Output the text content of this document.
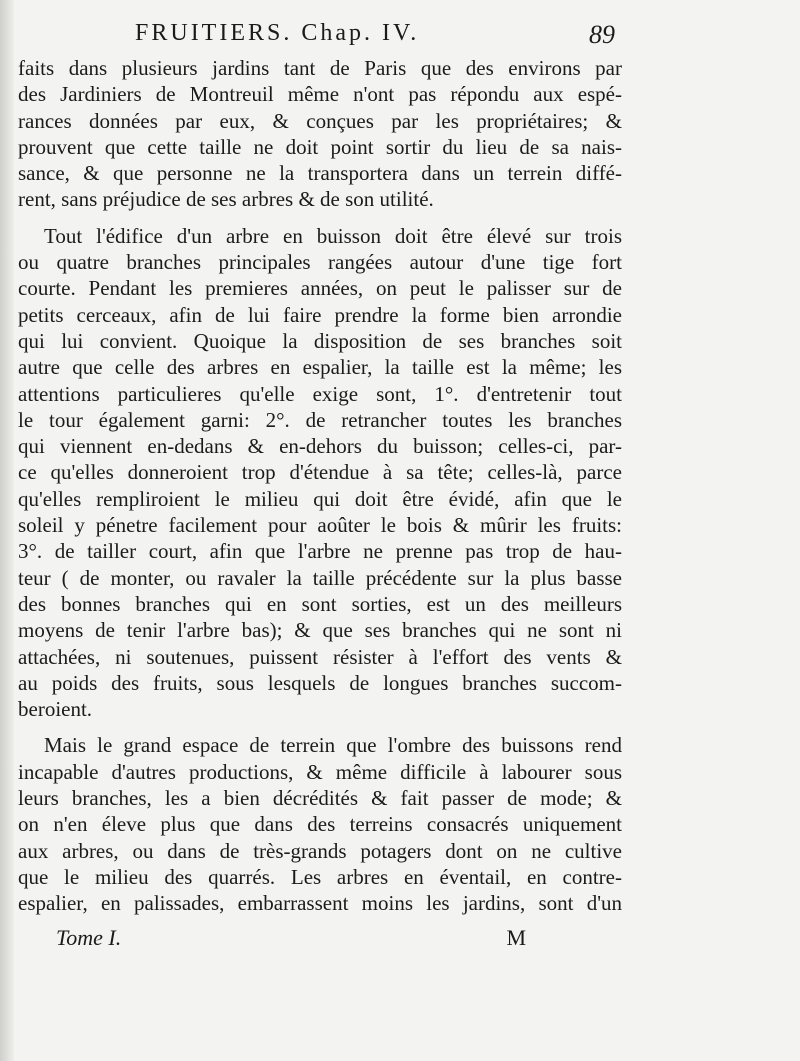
FRUITIERS. Chap. IV.	89
faits dans plusieurs jardins tant de Paris que des environs par
des Jardiniers de Montreuil même n'ont pas répondu aux espé-
rances données par eux, & conçues par les propriétaires; &
prouvent que cette taille ne doit point sortir du lieu de sa nais-
sance, & que personne ne la transportera dans un terrein diffé-
rent, sans préjudice de ses arbres & de son utilité.
Tout l'édifice d'un arbre en buisson doit être élevé sur trois
ou quatre branches principales rangées autour d'une tige fort
courte. Pendant les premieres années, on peut le palisser sur de
petits cerceaux, afin de lui faire prendre la forme bien arrondie
qui lui convient. Quoique la disposition de ses branches soit
autre que celle des arbres en espalier, la taille est la même; les
attentions particulieres qu'elle exige sont, 1°. d'entretenir tout
le tour également garni: 2°. de retrancher toutes les branches
qui viennent en-dedans & en-dehors du buisson; celles-ci, par-
ce qu'elles donneroient trop d'étendue à sa tête; celles-là, parce
qu'elles rempliroient le milieu qui doit être évidé, afin que le
soleil y pénetre facilement pour aoûter le bois & mûrir les fruits:
3°. de tailler court, afin que l'arbre ne prenne pas trop de hau-
teur ( de monter, ou ravaler la taille précédente sur la plus basse
des bonnes branches qui en sont sorties, est un des meilleurs
moyens de tenir l'arbre bas); & que ses branches qui ne sont ni
attachées, ni soutenues, puissent résister à l'effort des vents &
au poids des fruits, sous lesquels de longues branches succom-
beroient.
Mais le grand espace de terrein que l'ombre des buissons rend
incapable d'autres productions, & même difficile à labourer sous
leurs branches, les a bien décrédités & fait passer de mode; &
on n'en éleve plus que dans des terreins consacrés uniquement
aux arbres, ou dans de très-grands potagers dont on ne cultive
que le milieu des quarrés. Les arbres en éventail, en contre-
espalier, en palissades, embarrassent moins les jardins, sont d'un
Tome I.	M
